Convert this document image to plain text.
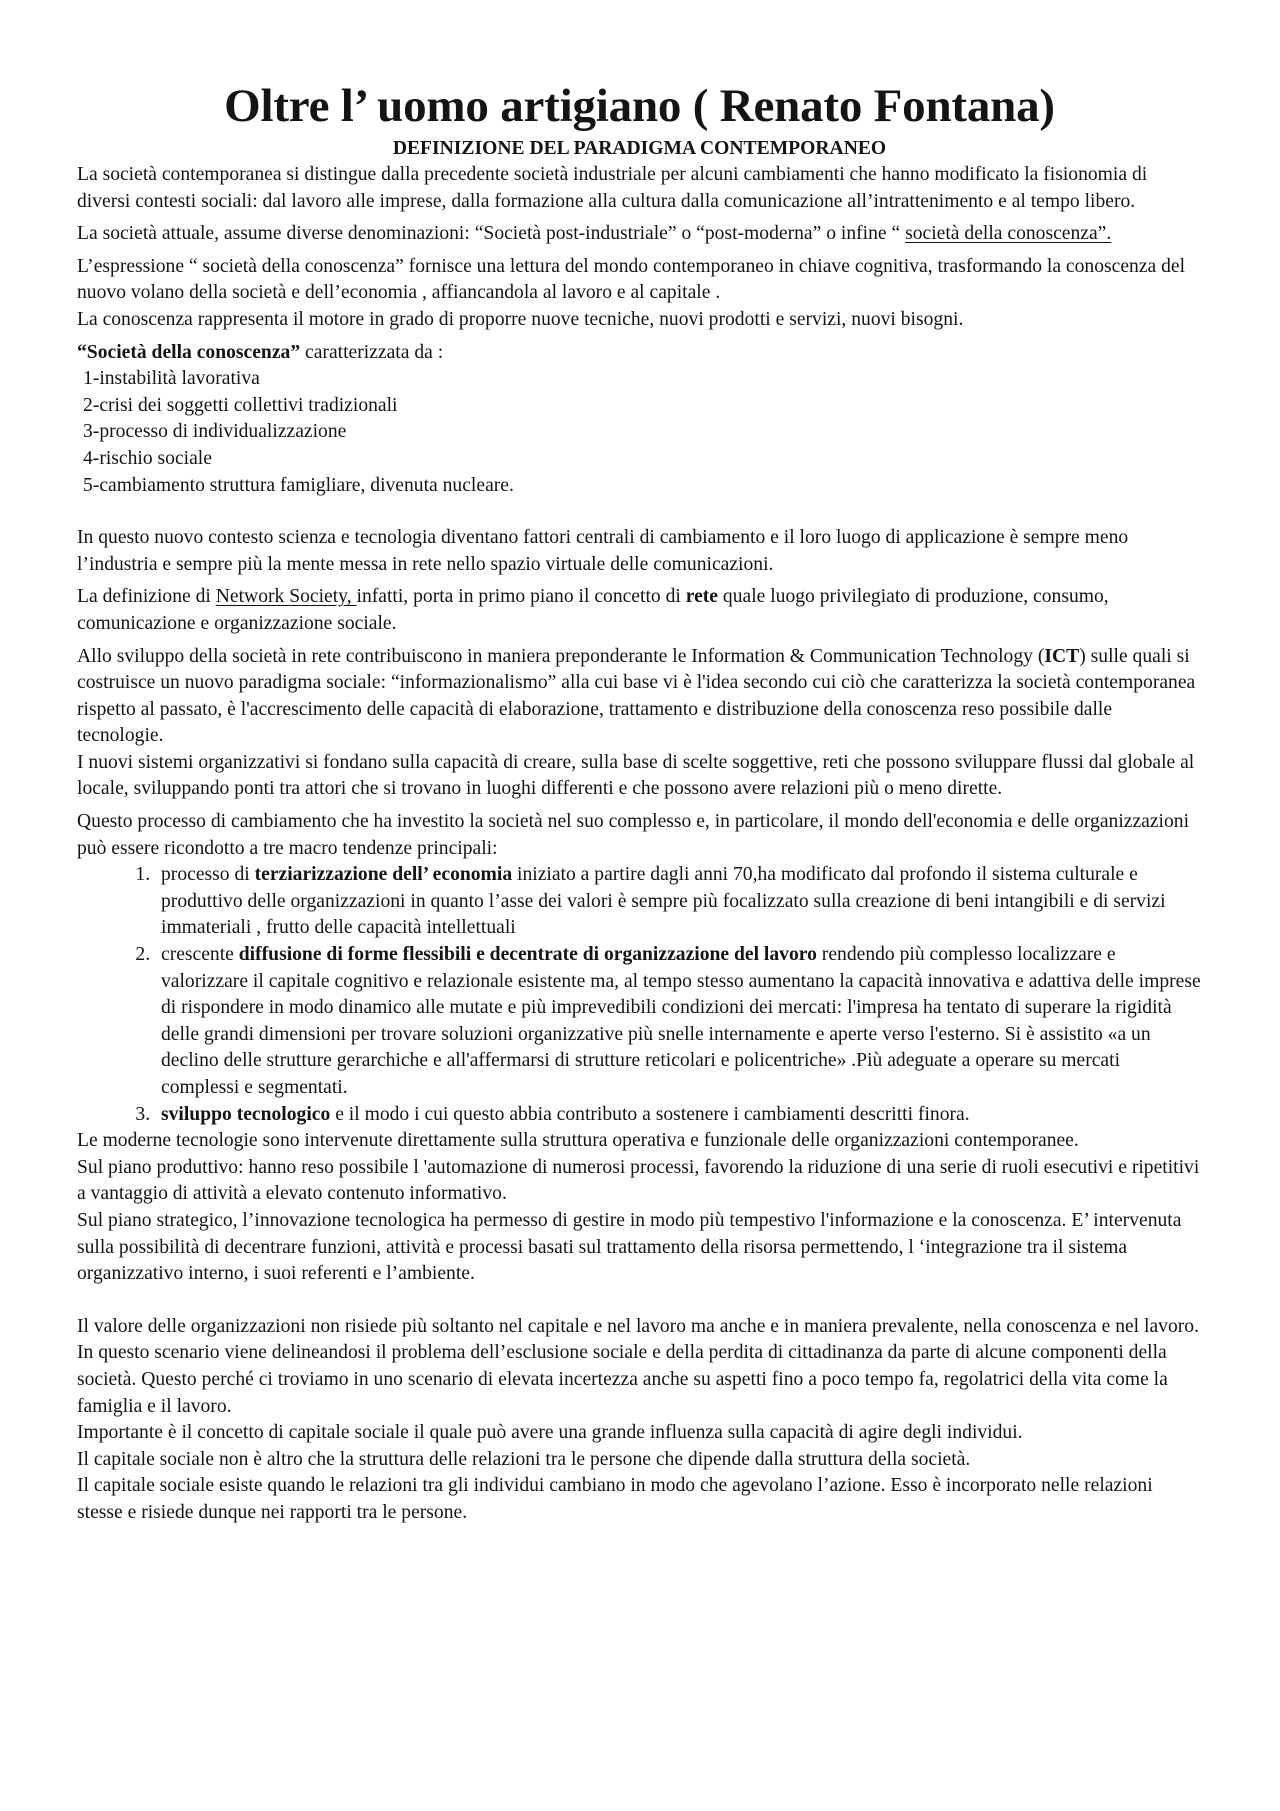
Oltre l’ uomo artigiano ( Renato Fontana)
DEFINIZIONE DEL PARADIGMA CONTEMPORANEO

La società contemporanea si distingue dalla precedente società industriale per alcuni cambiamenti che hanno modificato la fisionomia di diversi contesti sociali: dal lavoro alle imprese, dalla formazione alla cultura dalla comunicazione all’intrattenimento e al tempo libero.

La società attuale, assume diverse denominazioni: “Società post-industriale” o “post-moderna” o infine “ società della conoscenza”.

L’espressione “ società della conoscenza” fornisce una lettura del mondo contemporaneo in chiave cognitiva, trasformando la conoscenza del nuovo volano della società e dell’economia , affiancandola al lavoro e al capitale .

La conoscenza rappresenta il motore in grado di proporre nuove tecniche, nuovi prodotti e servizi, nuovi bisogni.

“Società della conoscenza” caratterizzata da :

1-instabilità lavorativa
2-crisi dei soggetti collettivi tradizionali
3-processo di individualizzazione
4-rischio sociale
5-cambiamento struttura famigliare, divenuta nucleare.

In questo nuovo contesto scienza e tecnologia diventano fattori centrali di cambiamento e il loro luogo di applicazione è sempre meno l’industria e sempre più la mente messa in rete nello spazio virtuale delle comunicazioni.

La definizione di Network Society, infatti, porta in primo piano il concetto di rete quale luogo privilegiato di produzione, consumo, comunicazione e organizzazione sociale.

Allo sviluppo della società in rete contribuiscono in maniera preponderante le Information & Communication Technology (ICT) sulle quali si costruisce un nuovo paradigma sociale: “informazionalismo” alla cui base vi è l'idea secondo cui ciò che caratterizza la società contemporanea rispetto al passato, è l'accrescimento delle capacità di elaborazione, trattamento e distribuzione della conoscenza reso possibile dalle tecnologie.

I nuovi sistemi organizzativi si fondano sulla capacità di creare, sulla base di scelte soggettive, reti che possono sviluppare flussi dal globale al locale, sviluppando ponti tra attori che si trovano in luoghi differenti e che possono avere relazioni più o meno dirette.

Questo processo di cambiamento che ha investito la società nel suo complesso e, in particolare, il mondo dell'economia e delle organizzazioni può essere ricondotto a tre macro tendenze principali:

1. processo di terziarizzazione dell’ economia iniziato a partire dagli anni 70,ha modificato dal profondo il sistema culturale e produttivo delle organizzazioni in quanto l’asse dei valori è sempre più focalizzato sulla creazione di beni intangibili e di servizi immateriali , frutto delle capacità intellettuali
2. crescente diffusione di forme flessibili e decentrate di organizzazione del lavoro rendendo più complesso localizzare e valorizzare il capitale cognitivo e relazionale esistente ma, al tempo stesso aumentano la capacità innovativa e adattiva delle imprese di rispondere in modo dinamico alle mutate e più imprevedibili condizioni dei mercati: l'impresa ha tentato di superare la rigidità delle grandi dimensioni per trovare soluzioni organizzative più snelle internamente e aperte verso l'esterno. Si è assistito «a un declino delle strutture gerarchiche e all'affermarsi di strutture reticolari e policentriche» .Più adeguate a operare su mercati complessi e segmentati.
3. sviluppo tecnologico e il modo i cui questo abbia contributo a sostenere i cambiamenti descritti finora.

Le moderne tecnologie sono intervenute direttamente sulla struttura operativa e funzionale delle organizzazioni contemporanee.

Sul piano produttivo: hanno reso possibile l 'automazione di numerosi processi, favorendo la riduzione di una serie di ruoli esecutivi e ripetitivi a vantaggio di attività a elevato contenuto informativo.

Sul piano strategico, l’innovazione tecnologica ha permesso di gestire in modo più tempestivo l'informazione e la conoscenza. E’ intervenuta sulla possibilità di decentrare funzioni, attività e processi basati sul trattamento della risorsa permettendo, l ‘integrazione tra il sistema organizzativo interno, i suoi referenti e l’ambiente.

Il valore delle organizzazioni non risiede più soltanto nel capitale e nel lavoro ma anche e in maniera prevalente, nella conoscenza e nel lavoro.

In questo scenario viene delineandosi il problema dell’esclusione sociale e della perdita di cittadinanza da parte di alcune componenti della società. Questo perché ci troviamo in uno scenario di elevata incertezza anche su aspetti fino a poco tempo fa, regolatrici della vita come la famiglia e il lavoro.

Importante è il concetto di capitale sociale il quale può avere una grande influenza sulla capacità di agire degli individui.

Il capitale sociale non è altro che la struttura delle relazioni tra le persone che dipende dalla struttura della società.

Il capitale sociale esiste quando le relazioni tra gli individui cambiano in modo che agevolano l’azione. Esso è incorporato nelle relazioni stesse e risiede dunque nei rapporti tra le persone.
